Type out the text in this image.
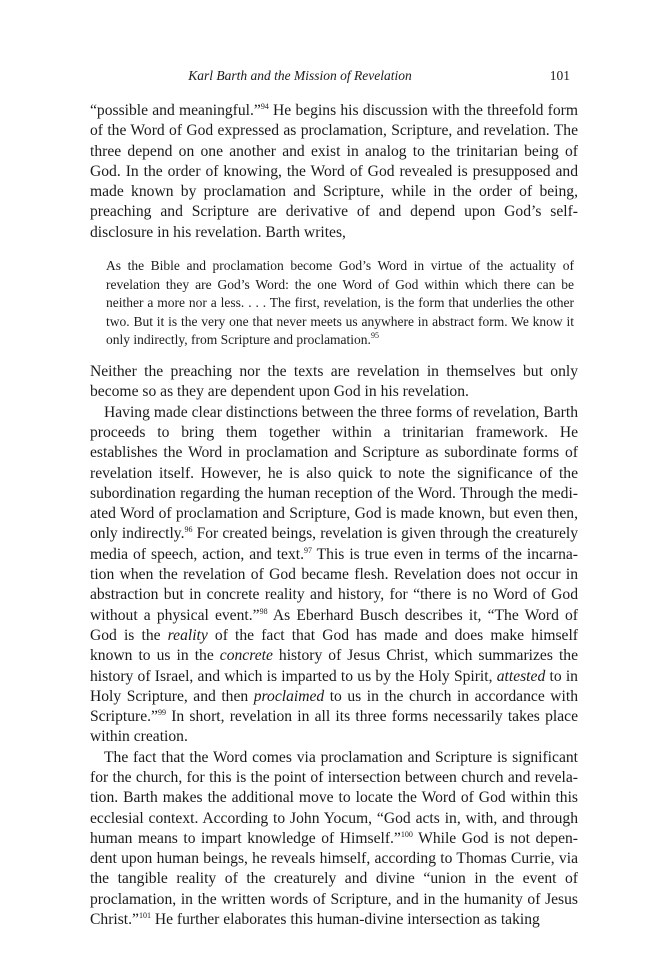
Karl Barth and the Mission of Revelation	101

“possible and meaningful.”$^{94}$ He begins his discussion with the threefold form of the Word of God expressed as proclamation, Scripture, and revelation. The three depend on one another and exist in analog to the trinitarian being of God. In the order of knowing, the Word of God revealed is presupposed and made known by proclamation and Scripture, while in the order of being, preaching and Scripture are derivative of and depend upon God’s self-disclosure in his revelation. Barth writes,

As the Bible and proclamation become God’s Word in virtue of the actuality of revelation they are God’s Word: the one Word of God within which there can be neither a more nor a less. . . . The first, revelation, is the form that underlies the other two. But it is the very one that never meets us anywhere in abstract form. We know it only indirectly, from Scripture and proclamation.$^{95}$

Neither the preaching nor the texts are revelation in themselves but only become so as they are dependent upon God in his revelation.

Having made clear distinctions between the three forms of revelation, Barth proceeds to bring them together within a trinitarian framework. He establishes the Word in proclamation and Scripture as subordinate forms of revelation itself. However, he is also quick to note the significance of the subordination regarding the human reception of the Word. Through the mediated Word of proclamation and Scripture, God is made known, but even then, only indirectly.$^{96}$ For created beings, revelation is given through the creaturely media of speech, action, and text.$^{97}$ This is true even in terms of the incarnation when the revelation of God became flesh. Revelation does not occur in abstraction but in concrete reality and history, for “there is no Word of God without a physical event.”$^{98}$ As Eberhard Busch describes it, “The Word of God is the reality of the fact that God has made and does make himself known to us in the concrete history of Jesus Christ, which summarizes the history of Israel, and which is imparted to us by the Holy Spirit, attested to in Holy Scripture, and then proclaimed to us in the church in accordance with Scripture.”$^{99}$ In short, revelation in all its three forms necessarily takes place within creation.

The fact that the Word comes via proclamation and Scripture is significant for the church, for this is the point of intersection between church and revelation. Barth makes the additional move to locate the Word of God within this ecclesial context. According to John Yocum, “God acts in, with, and through human means to impart knowledge of Himself.”$^{100}$ While God is not dependent upon human beings, he reveals himself, according to Thomas Currie, via the tangible reality of the creaturely and divine “union in the event of proclamation, in the written words of Scripture, and in the humanity of Jesus Christ.”$^{101}$ He further elaborates this human-divine intersection as taking
